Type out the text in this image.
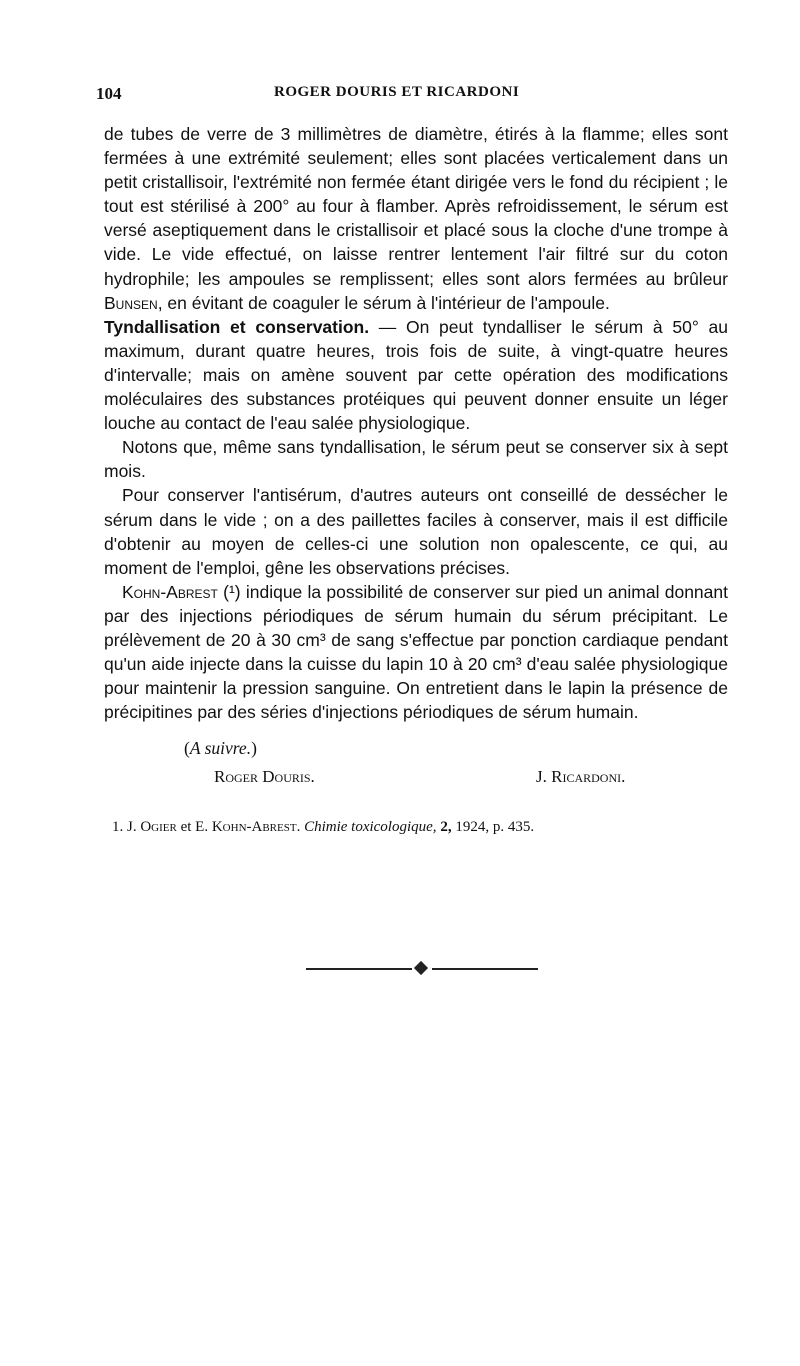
104	ROGER DOURIS ET RICARDONI

de tubes de verre de 3 millimètres de diamètre, étirés à la flamme; elles sont fermées à une extrémité seulement; elles sont placées verticalement dans un petit cristallisoir, l'extrémité non fermée étant dirigée vers le fond du récipient ; le tout est stérilisé à 200° au four à flamber. Après refroidissement, le sérum est versé aseptiquement dans le cristallisoir et placé sous la cloche d'une trompe à vide. Le vide effectué, on laisse rentrer lentement l'air filtré sur du coton hydrophile; les ampoules se remplissent; elles sont alors fermées au brûleur Bunsen, en évitant de coaguler le sérum à l'intérieur de l'ampoule.

Tyndallisation et conservation. — On peut tyndalliser le sérum à 50° au maximum, durant quatre heures, trois fois de suite, à vingt-quatre heures d'intervalle; mais on amène souvent par cette opération des modifications moléculaires des substances protéiques qui peuvent donner ensuite un léger louche au contact de l'eau salée physiologique.

Notons que, même sans tyndallisation, le sérum peut se conserver six à sept mois.

Pour conserver l'antisérum, d'autres auteurs ont conseillé de dessécher le sérum dans le vide ; on a des paillettes faciles à conserver, mais il est difficile d'obtenir au moyen de celles-ci une solution non opalescente, ce qui, au moment de l'emploi, gêne les observations précises.

Kohn-Abrest (¹) indique la possibilité de conserver sur pied un animal donnant par des injections périodiques de sérum humain du sérum précipitant. Le prélèvement de 20 à 30 cm³ de sang s'effectue par ponction cardiaque pendant qu'un aide injecte dans la cuisse du lapin 10 à 20 cm³ d'eau salée physiologique pour maintenir la pression sanguine. On entretient dans le lapin la présence de précipitines par des séries d'injections périodiques de sérum humain.

(A suivre.)
Roger Douris.	J. Ricardoni.
1. J. Ogier et E. Kohn-Abrest. Chimie toxicologique, 2, 1924, p. 435.
